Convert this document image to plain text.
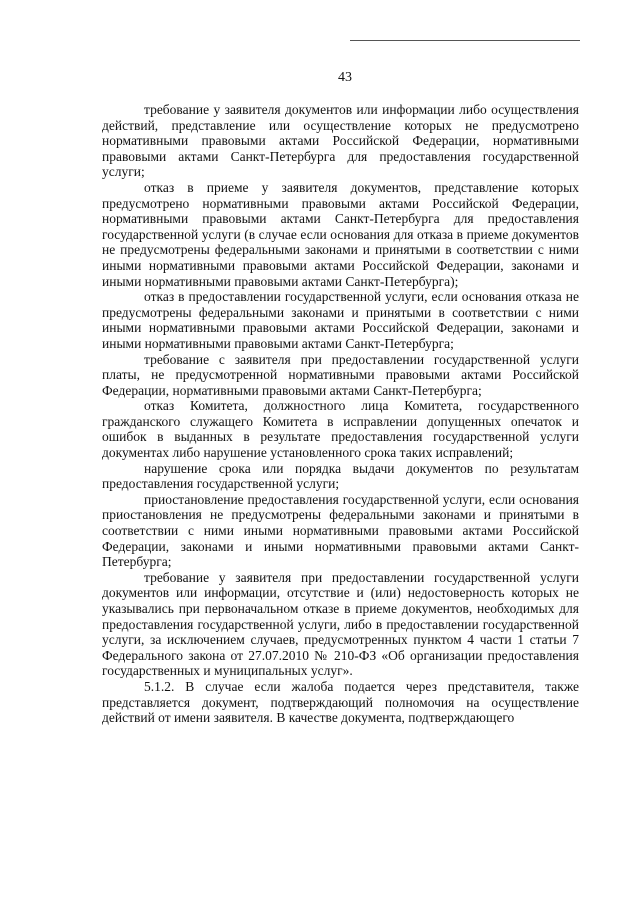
43

требование у заявителя документов или информации либо осуществления действий, представление или осуществление которых не предусмотрено нормативными правовыми актами Российской Федерации, нормативными правовыми актами Санкт-Петербурга для предоставления государственной услуги;

отказ в приеме у заявителя документов, представление которых предусмотрено нормативными правовыми актами Российской Федерации, нормативными правовыми актами Санкт-Петербурга для предоставления государственной услуги (в случае если основания для отказа в приеме документов не предусмотрены федеральными законами и принятыми в соответствии с ними иными нормативными правовыми актами Российской Федерации, законами и иными нормативными правовыми актами Санкт-Петербурга);

отказ в предоставлении государственной услуги, если основания отказа не предусмотрены федеральными законами и принятыми в соответствии с ними иными нормативными правовыми актами Российской Федерации, законами и иными нормативными правовыми актами Санкт-Петербурга;

требование с заявителя при предоставлении государственной услуги платы, не предусмотренной нормативными правовыми актами Российской Федерации, нормативными правовыми актами Санкт-Петербурга;

отказ Комитета, должностного лица Комитета, государственного гражданского служащего Комитета в исправлении допущенных опечаток и ошибок в выданных в результате предоставления государственной услуги документах либо нарушение установленного срока таких исправлений;

нарушение срока или порядка выдачи документов по результатам предоставления государственной услуги;

приостановление предоставления государственной услуги, если основания приостановления не предусмотрены федеральными законами и принятыми в соответствии с ними иными нормативными правовыми актами Российской Федерации, законами и иными нормативными правовыми актами Санкт-Петербурга;

требование у заявителя при предоставлении государственной услуги документов или информации, отсутствие и (или) недостоверность которых не указывались при первоначальном отказе в приеме документов, необходимых для предоставления государственной услуги, либо в предоставлении государственной услуги, за исключением случаев, предусмотренных пунктом 4 части 1 статьи 7 Федерального закона от 27.07.2010 № 210-ФЗ «Об организации предоставления государственных и муниципальных услуг».

5.1.2. В случае если жалоба подается через представителя, также представляется документ, подтверждающий полномочия на осуществление действий от имени заявителя. В качестве документа, подтверждающего
